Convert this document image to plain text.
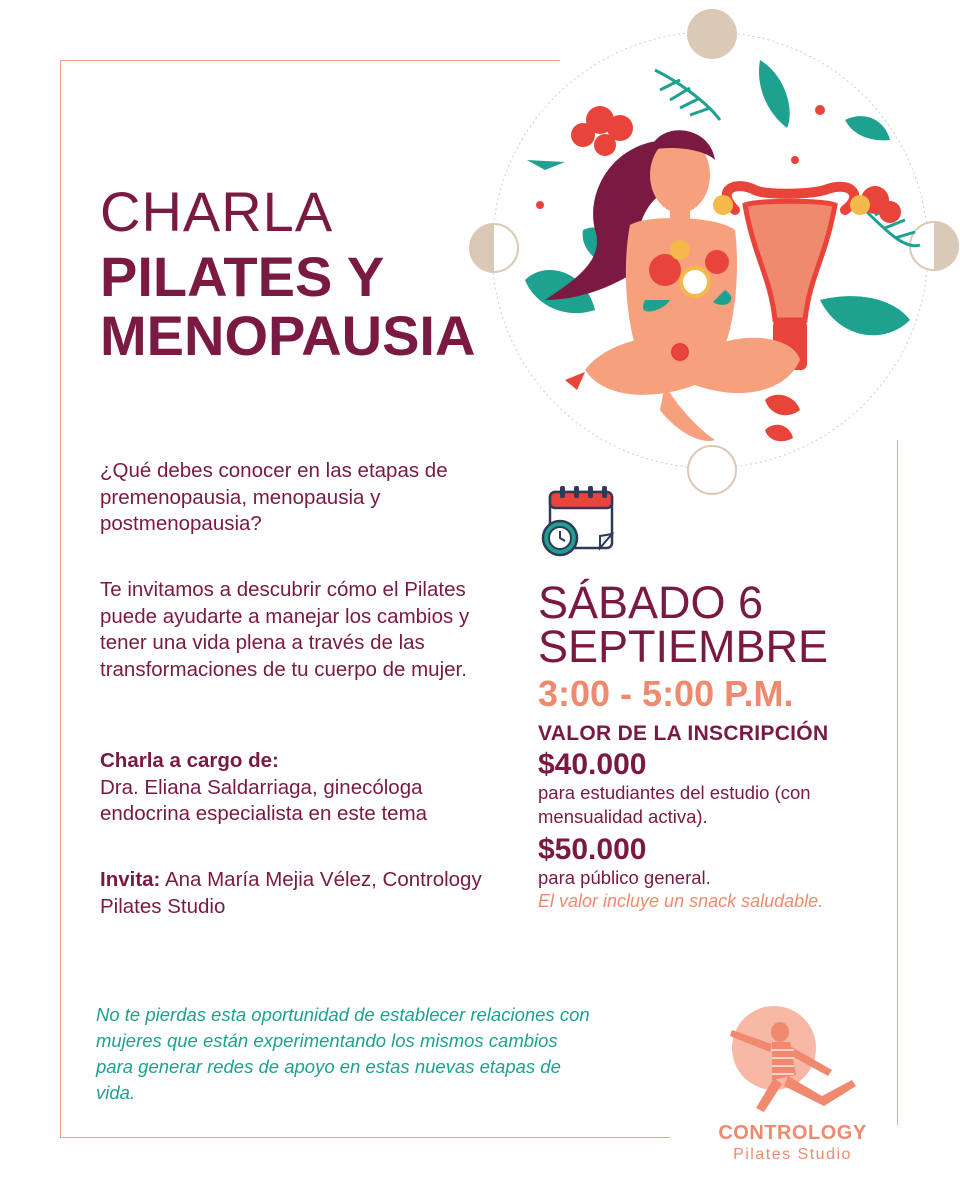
CHARLA
PILATES Y
MENOPAUSIA

¿Qué debes conocer en las etapas de premenopausia, menopausia y postmenopausia?

Te invitamos a descubrir cómo el Pilates puede ayudarte a manejar los cambios y tener una vida plena a través de las transformaciones de tu cuerpo de mujer.

Charla a cargo de:

Dra. Eliana Saldarriaga, ginecóloga endocrina especialista en este tema

Invita: Ana María Mejia Vélez, Contrology Pilates Studio

SÁBADO 6

SEPTIEMBRE

3:00 - 5:00 P.M.

VALOR DE LA INSCRIPCIÓN

$40.000

para estudiantes del estudio (con mensualidad activa).

$50.000

para público general.

El valor incluye un snack saludable.

No te pierdas esta oportunidad de establecer relaciones con mujeres que están experimentando los mismos cambios para generar redes de apoyo en estas nuevas etapas de vida.

CONTROLOGY

Pilates Studio
